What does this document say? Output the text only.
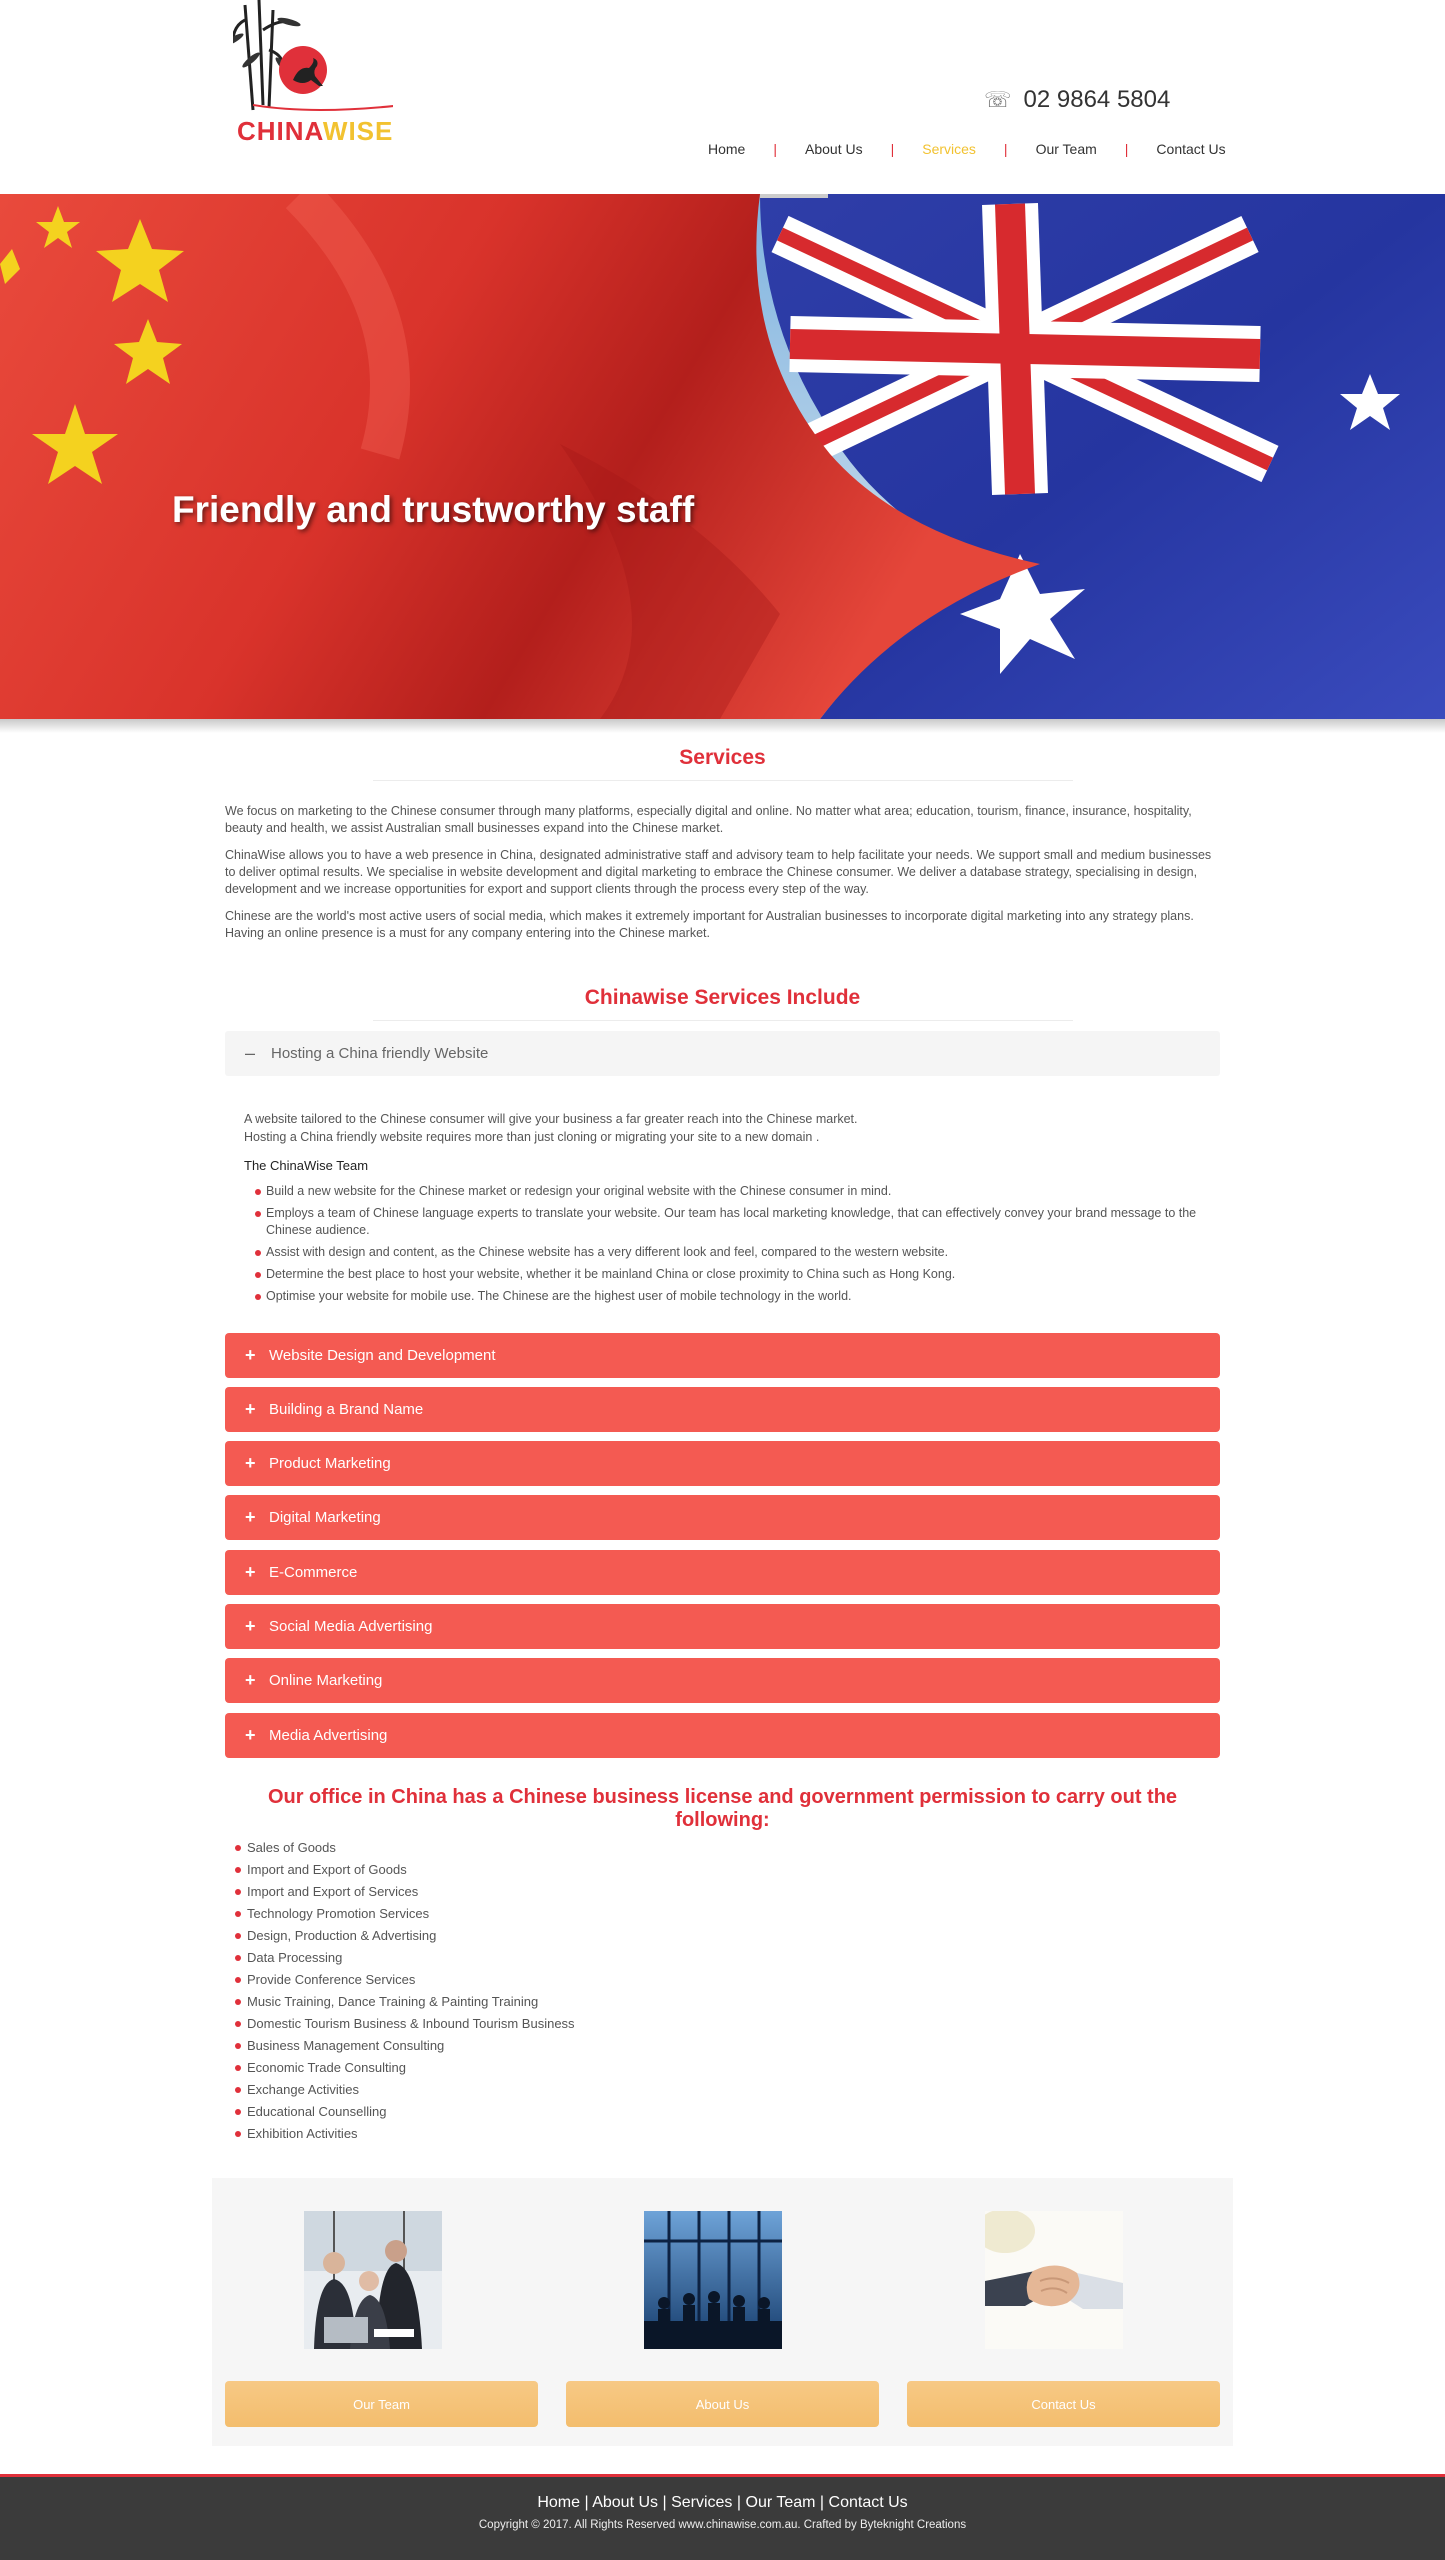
CHINAWISE
☏ 02 9864 5804
Home	|	About Us	|	Services	|	Our Team	|	Contact Us
Friendly and trustworthy staff
Services

We focus on marketing to the Chinese consumer through many platforms, especially digital and online. No matter what area; education, tourism, finance, insurance, hospitality, beauty and health, we assist Australian small businesses expand into the Chinese market.

ChinaWise allows you to have a web presence in China, designated administrative staff and advisory team to help facilitate your needs. We support small and medium businesses to deliver optimal results. We specialise in website development and digital marketing to embrace the Chinese consumer. We deliver a database strategy, specialising in design, development and we increase opportunities for export and support clients through the process every step of the way.

Chinese are the world's most active users of social media, which makes it extremely important for Australian businesses to incorporate digital marketing into any strategy plans. Having an online presence is a must for any company entering into the Chinese market.

Chinawise Services Include
–	Hosting a China friendly Website
A website tailored to the Chinese consumer will give your business a far greater reach into the Chinese market.
Hosting a China friendly website requires more than just cloning or migrating your site to a new domain .
The ChinaWise Team
Build a new website for the Chinese market or redesign your original website with the Chinese consumer in mind.
Employs a team of Chinese language experts to translate your website. Our team has local marketing knowledge, that can effectively convey your brand message to the Chinese audience.
Assist with design and content, as the Chinese website has a very different look and feel, compared to the western website.
Determine the best place to host your website, whether it be mainland China or close proximity to China such as Hong Kong.
Optimise your website for mobile use. The Chinese are the highest user of mobile technology in the world.
+ Website Design and Development
+ Building a Brand Name
+ Product Marketing
+ Digital Marketing
+ E-Commerce
+ Social Media Advertising
+ Online Marketing
+ Media Advertising
Our office in China has a Chinese business license and government permission to carry out the following:
Sales of Goods
Import and Export of Goods
Import and Export of Services
Technology Promotion Services
Design, Production & Advertising
Data Processing
Provide Conference Services
Music Training, Dance Training & Painting Training
Domestic Tourism Business & Inbound Tourism Business
Business Management Consulting
Economic Trade Consulting
Exchange Activities
Educational Counselling
Exhibition Activities
Our Team	About Us	Contact Us
Home | About Us | Services | Our Team | Contact Us
Copyright © 2017. All Rights Reserved www.chinawise.com.au. Crafted by Byteknight Creations
